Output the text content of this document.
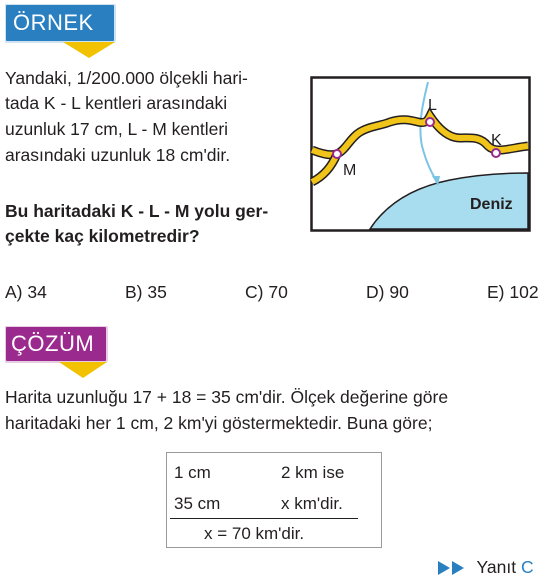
ÖRNEK
Yandaki, 1/200.000 ölçekli hari-
tada K - L kentleri arasındaki
uzunluk 17 cm, L - M kentleri
arasındaki uzunluk 18 cm'dir.
Bu haritadaki K - L - M yolu ger-
çekte kaç kilometredir?
M
L
K
Deniz
A) 34	B) 35	C) 70	D) 90	E) 102
ÇÖZÜM
Harita uzunluğu 17 + 18 = 35 cm'dir. Ölçek değerine göre
haritadaki her 1 cm, 2 km'yi göstermektedir. Buna göre;
1 cm	2 km ise
35 cm	x km'dir.
x = 70 km'dir.
Yanıt C
